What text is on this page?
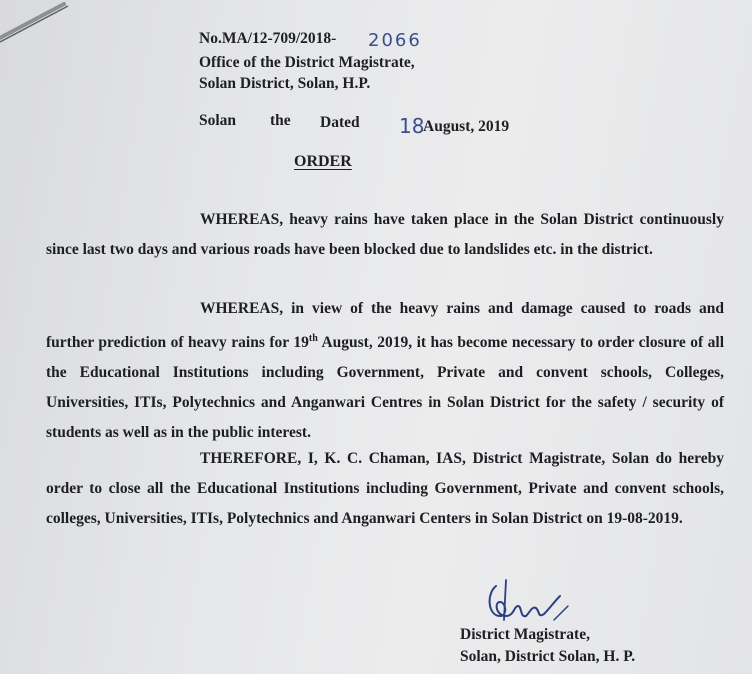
No.MA/12-709/2018- 2066
Office of the District Magistrate,
Solan District, Solan, H.P.
Solan the Dated 18
August, 2019
ORDER
WHEREAS, heavy rains have taken place in the Solan District continuously since last two days and various roads have been blocked due to landslides etc. in the district.
WHEREAS, in view of the heavy rains and damage caused to roads and further prediction of heavy rains for 19th August, 2019, it has become necessary to order closure of all the Educational Institutions including Government, Private and convent schools, Colleges, Universities, ITIs, Polytechnics and Anganwari Centres in Solan District for the safety / security of students as well as in the public interest.
THEREFORE, I, K. C. Chaman, IAS, District Magistrate, Solan do hereby order to close all the Educational Institutions including Government, Private and convent schools, colleges, Universities, ITIs, Polytechnics and Anganwari Centers in Solan District on 19-08-2019.
District Magistrate,
Solan, District Solan, H. P.
